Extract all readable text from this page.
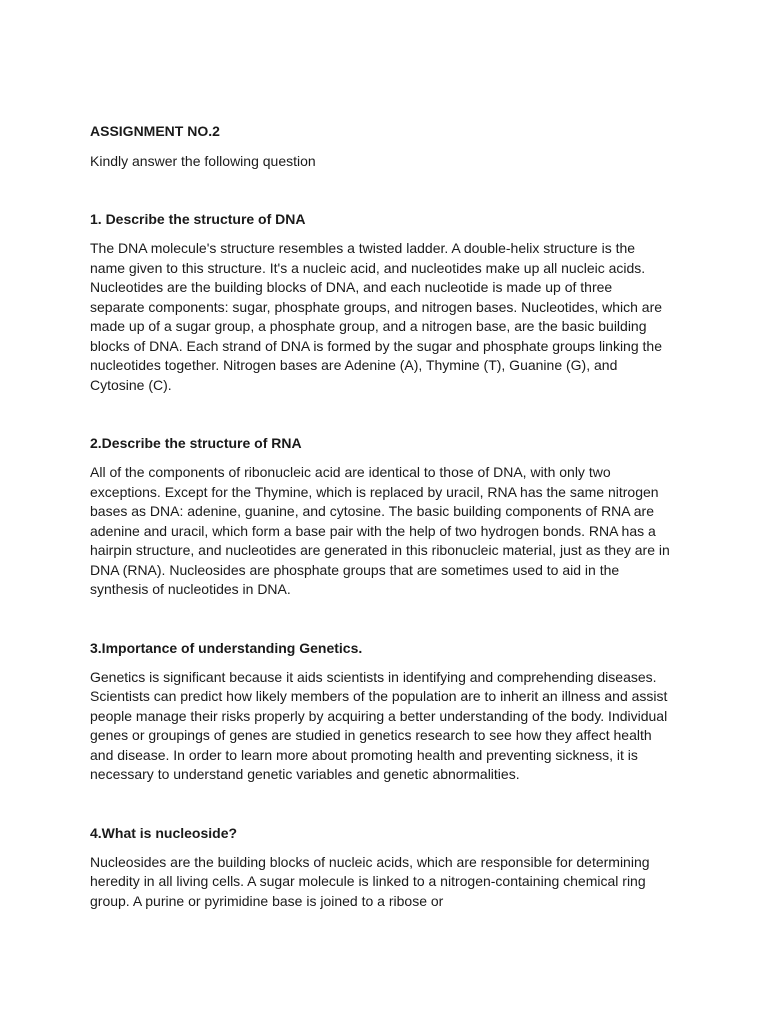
ASSIGNMENT NO.2
Kindly answer the following question
1. Describe the structure of DNA
The DNA molecule's structure resembles a twisted ladder. A double-helix structure is the name given to this structure. It's a nucleic acid, and nucleotides make up all nucleic acids. Nucleotides are the building blocks of DNA, and each nucleotide is made up of three separate components: sugar, phosphate groups, and nitrogen bases. Nucleotides, which are made up of a sugar group, a phosphate group, and a nitrogen base, are the basic building blocks of DNA. Each strand of DNA is formed by the sugar and phosphate groups linking the nucleotides together. Nitrogen bases are Adenine (A), Thymine (T), Guanine (G), and Cytosine (C).
2.Describe the structure of RNA
All of the components of ribonucleic acid are identical to those of DNA, with only two exceptions. Except for the Thymine, which is replaced by uracil, RNA has the same nitrogen bases as DNA: adenine, guanine, and cytosine. The basic building components of RNA are adenine and uracil, which form a base pair with the help of two hydrogen bonds. RNA has a hairpin structure, and nucleotides are generated in this ribonucleic material, just as they are in DNA (RNA). Nucleosides are phosphate groups that are sometimes used to aid in the synthesis of nucleotides in DNA.
3.Importance of understanding Genetics.
Genetics is significant because it aids scientists in identifying and comprehending diseases. Scientists can predict how likely members of the population are to inherit an illness and assist people manage their risks properly by acquiring a better understanding of the body. Individual genes or groupings of genes are studied in genetics research to see how they affect health and disease. In order to learn more about promoting health and preventing sickness, it is necessary to understand genetic variables and genetic abnormalities.
4.What is nucleoside?
Nucleosides are the building blocks of nucleic acids, which are responsible for determining heredity in all living cells. A sugar molecule is linked to a nitrogen-containing chemical ring group. A purine or pyrimidine base is joined to a ribose or
